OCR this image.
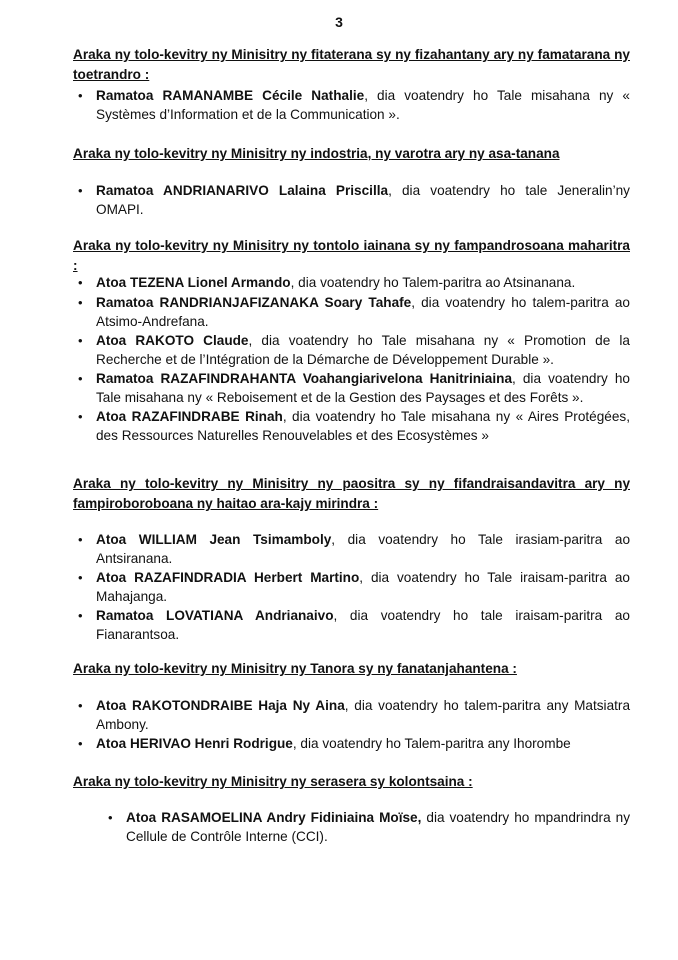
3
Araka ny tolo-kevitry ny Minisitry ny fitaterana sy ny fizahantany ary ny famatarana ny toetrandro :
• Ramatoa RAMANAMBE Cécile Nathalie, dia voatendry ho Tale misahana ny « Systèmes d’Information et de la Communication ».
Araka ny tolo-kevitry ny Minisitry ny indostria, ny varotra ary ny asa-tanana
• Ramatoa ANDRIANARIVO Lalaina Priscilla, dia voatendry ho tale Jeneralin’ny OMAPI.
Araka ny tolo-kevitry ny Minisitry ny tontolo iainana sy ny fampandrosoana maharitra :
• Atoa TEZENA Lionel Armando, dia voatendry ho Talem-paritra ao Atsinanana.
• Ramatoa RANDRIANJAFIZANAKA Soary Tahafe, dia voatendry ho talem-paritra ao Atsimo-Andrefana.
• Atoa RAKOTO Claude, dia voatendry ho Tale misahana ny « Promotion de la Recherche et de l’Intégration de la Démarche de Développement Durable ».
• Ramatoa RAZAFINDRAHANTA Voahangiarivelona Hanitriniaina, dia voatendry ho Tale misahana ny « Reboisement et de la Gestion des Paysages et des Forêts ».
• Atoa RAZAFINDRABE Rinah, dia voatendry ho Tale misahana ny « Aires Protégées, des Ressources Naturelles Renouvelables et des Ecosystèmes »
Araka ny tolo-kevitry ny Minisitry ny paositra sy ny fifandraisandavitra ary ny fampiroboroboana ny haitao ara-kajy mirindra :
• Atoa WILLIAM Jean Tsimamboly, dia voatendry ho Tale irasiam-paritra ao Antsiranana.
• Atoa RAZAFINDRADIA Herbert Martino, dia voatendry ho Tale iraisam-paritra ao Mahajanga.
• Ramatoa LOVATIANA Andrianaivo, dia voatendry ho tale iraisam-paritra ao Fianarantsoa.
Araka ny tolo-kevitry ny Minisitry ny Tanora sy ny fanatanjahantena :
• Atoa RAKOTONDRAIBE Haja Ny Aina, dia voatendry ho talem-paritra any Matsiatra Ambony.
• Atoa HERIVAO Henri Rodrigue, dia voatendry ho Talem-paritra any Ihorombe
Araka ny tolo-kevitry ny Minisitry ny serasera sy kolontsaina :
• Atoa RASAMOELINA Andry Fidiniaina Moïse, dia voatendry ho mpandrindra ny Cellule de Contrôle Interne (CCI).
